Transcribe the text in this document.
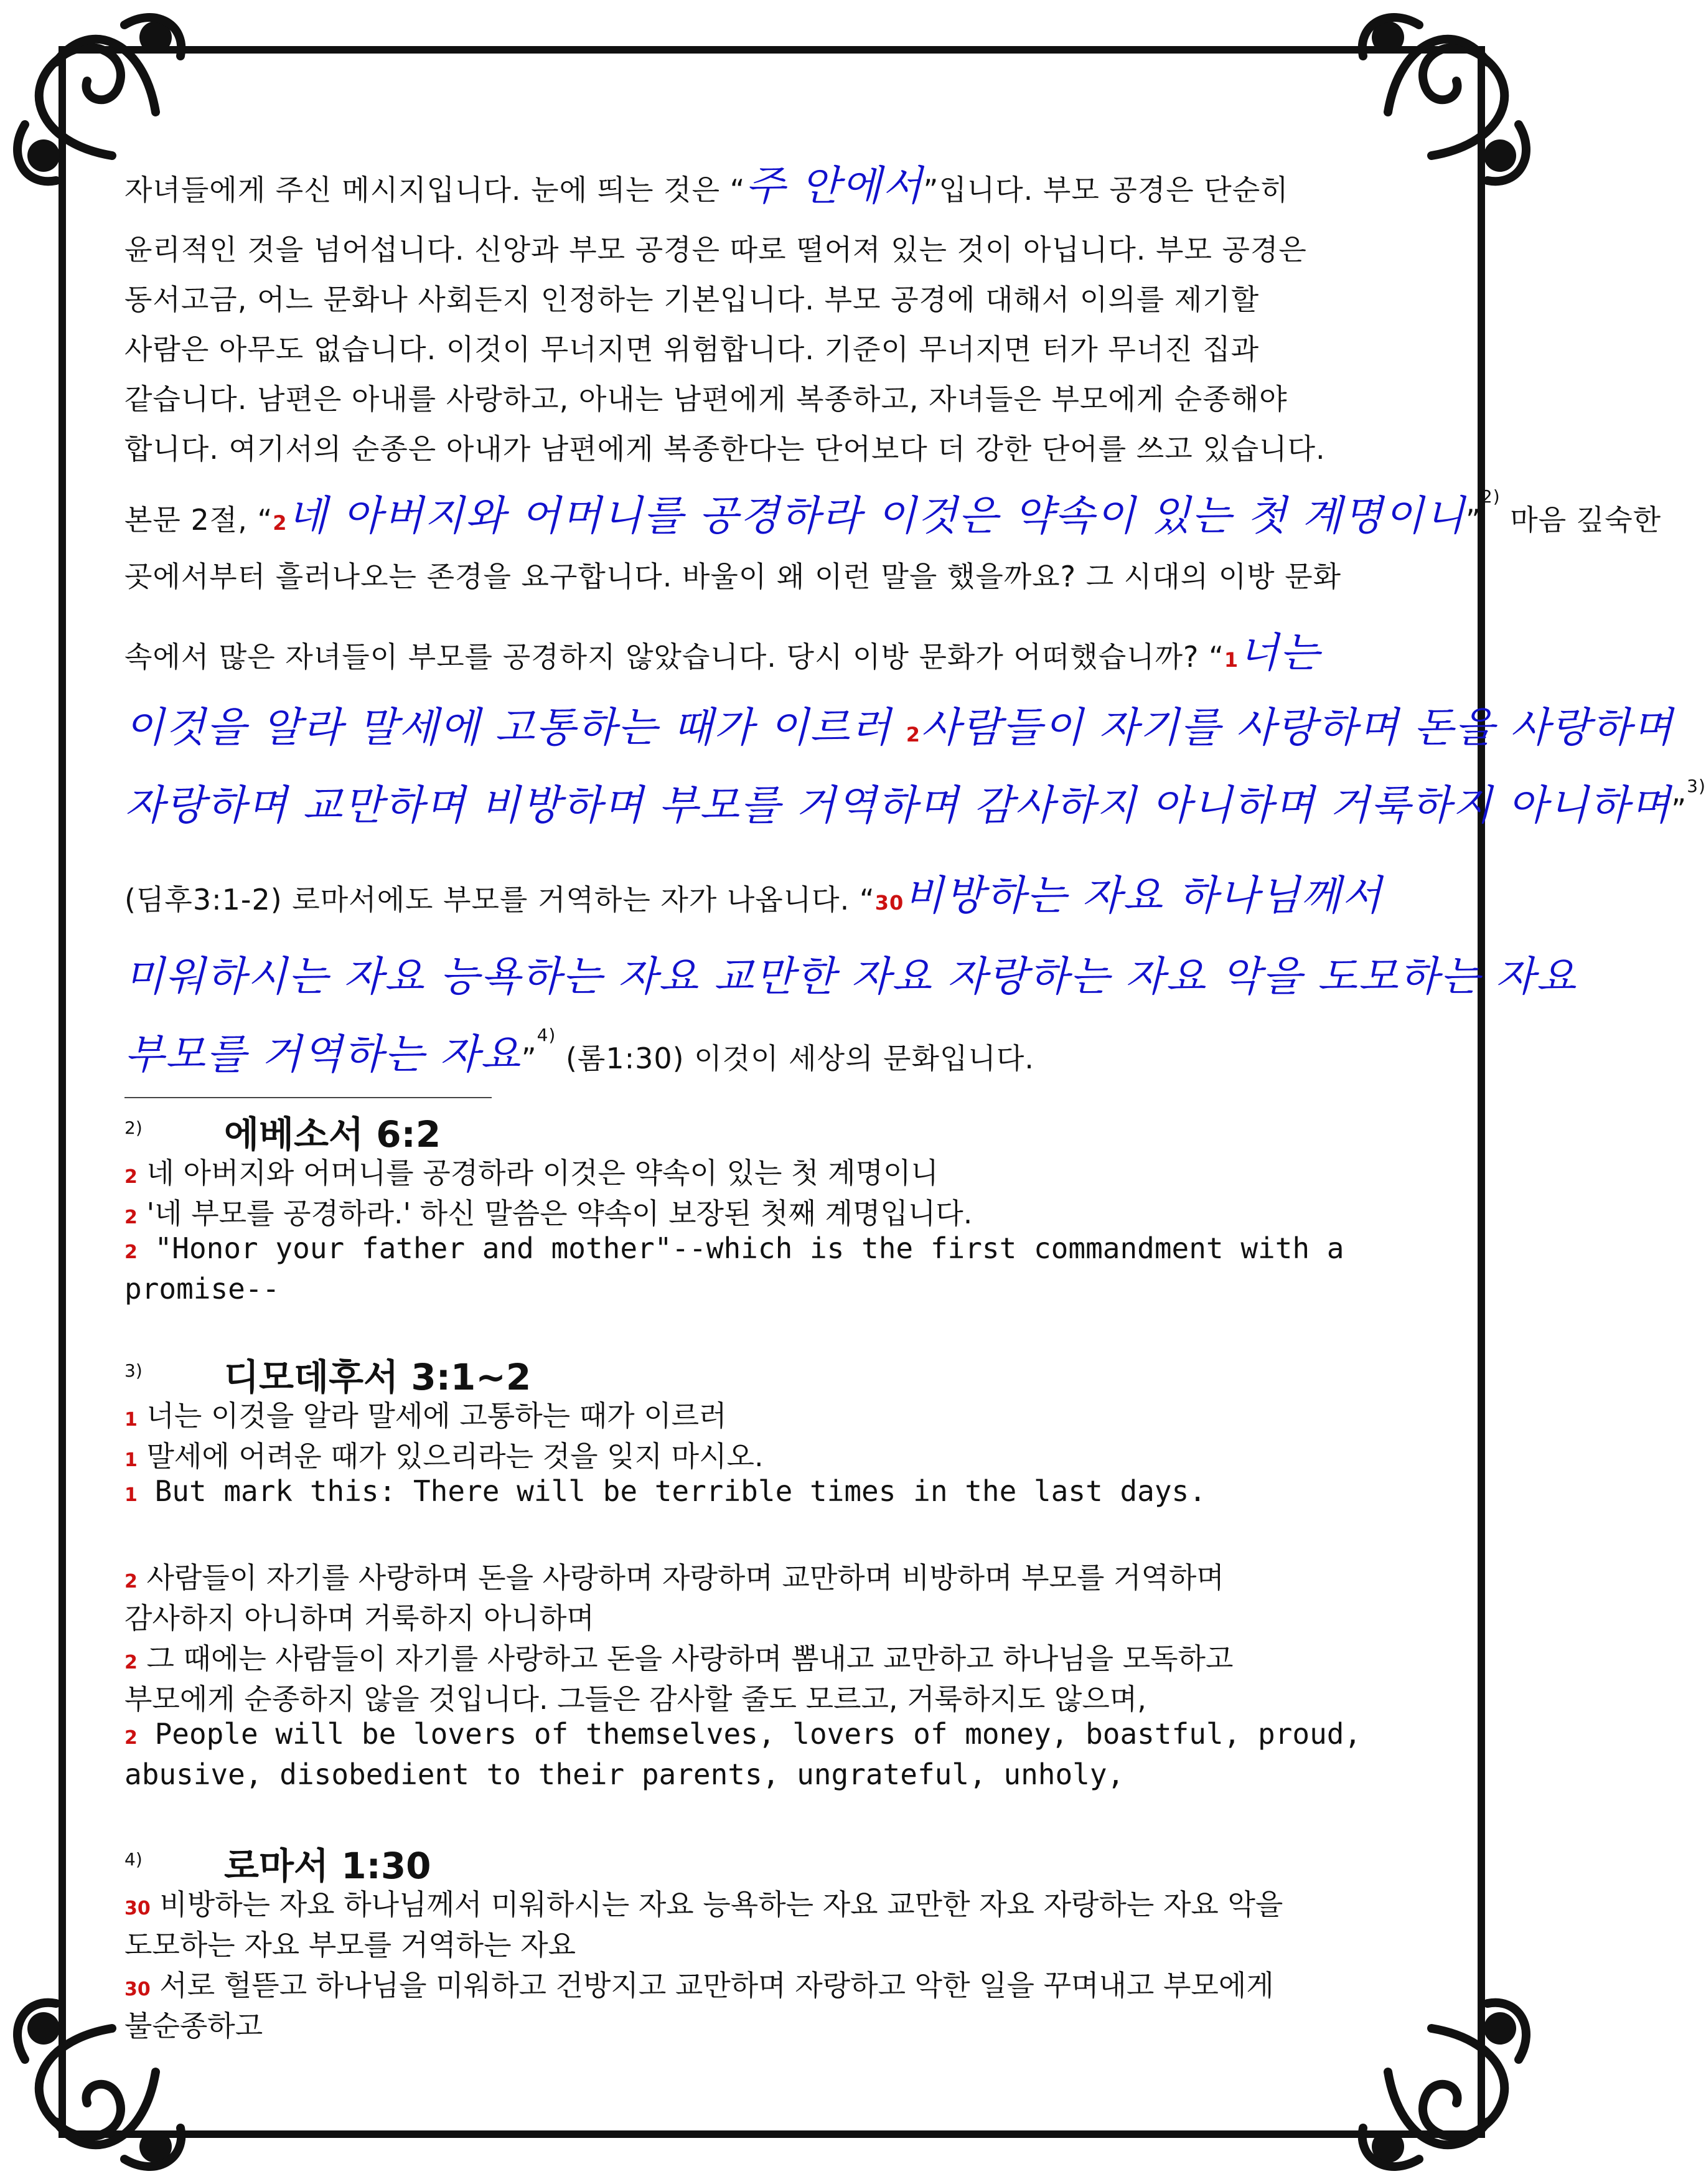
자녀들에게 주신 메시지입니다. 눈에 띄는 것은 “주 안에서”입니다. 부모 공경은 단순히

윤리적인 것을 넘어섭니다. 신앙과 부모 공경은 따로 떨어져 있는 것이 아닙니다. 부모 공경은

동서고금, 어느 문화나 사회든지 인정하는 기본입니다. 부모 공경에 대해서 이의를 제기할

사람은 아무도 없습니다. 이것이 무너지면 위험합니다. 기준이 무너지면 터가 무너진 집과

같습니다. 남편은 아내를 사랑하고, 아내는 남편에게 복종하고, 자녀들은 부모에게 순종해야

합니다. 여기서의 순종은 아내가 남편에게 복종한다는 단어보다 더 강한 단어를 쓰고 있습니다.

본문 2절, “2네 아버지와 어머니를 공경하라 이것은 약속이 있는 첫 계명이니”$^{2)}$ 마음 깊숙한

곳에서부터 흘러나오는 존경을 요구합니다. 바울이 왜 이런 말을 했을까요? 그 시대의 이방 문화

속에서 많은 자녀들이 부모를 공경하지 않았습니다. 당시 이방 문화가 어떠했습니까? “1너는

이것을 알라 말세에 고통하는 때가 이르러 2사람들이 자기를 사랑하며 돈을 사랑하며

자랑하며 교만하며 비방하며 부모를 거역하며 감사하지 아니하며 거룩하지 아니하며”$^{3)}$

(딤후3:1-2) 로마서에도 부모를 거역하는 자가 나옵니다. “30비방하는 자요 하나님께서

미워하시는 자요 능욕하는 자요 교만한 자요 자랑하는 자요 악을 도모하는 자요

부모를 거역하는 자요”$^{4)}$ (롬1:30) 이것이 세상의 문화입니다.

2) 에베소서 6:2
2 네 아버지와 어머니를 공경하라 이것은 약속이 있는 첫 계명이니
2 '네 부모를 공경하라.' 하신 말씀은 약속이 보장된 첫째 계명입니다.
2 "Honor your father and mother"--which is the first commandment with a
promise--
3) 디모데후서 3:1~2
1 너는 이것을 알라 말세에 고통하는 때가 이르러
1 말세에 어려운 때가 있으리라는 것을 잊지 마시오.
1 But mark this: There will be terrible times in the last days.
2 사람들이 자기를 사랑하며 돈을 사랑하며 자랑하며 교만하며 비방하며 부모를 거역하며
감사하지 아니하며 거룩하지 아니하며
2 그 때에는 사람들이 자기를 사랑하고 돈을 사랑하며 뽐내고 교만하고 하나님을 모독하고
부모에게 순종하지 않을 것입니다. 그들은 감사할 줄도 모르고, 거룩하지도 않으며,
2 People will be lovers of themselves, lovers of money, boastful, proud,
abusive, disobedient to their parents, ungrateful, unholy,
4) 로마서 1:30
30 비방하는 자요 하나님께서 미워하시는 자요 능욕하는 자요 교만한 자요 자랑하는 자요 악을
도모하는 자요 부모를 거역하는 자요
30 서로 헐뜯고 하나님을 미워하고 건방지고 교만하며 자랑하고 악한 일을 꾸며내고 부모에게
불순종하고
